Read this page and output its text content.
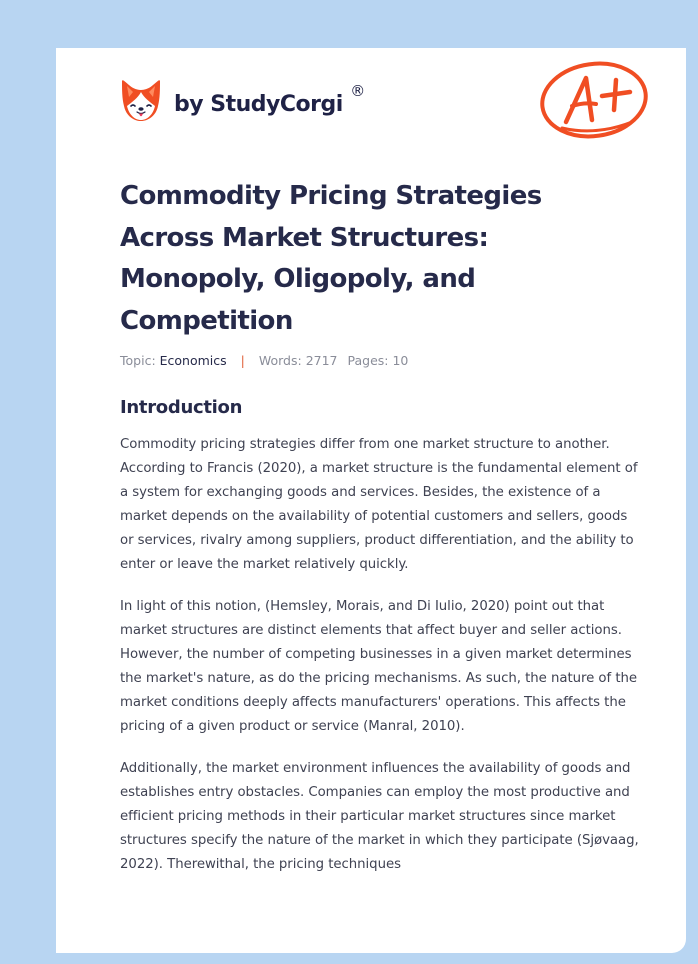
by StudyCorgi
®
Commodity Pricing Strategies Across Market Structures: Monopoly, Oligopoly, and Competition
Topic: Economics | Words: 2717 Pages: 10
Introduction

Commodity pricing strategies differ from one market structure to another. According to Francis (2020), a market structure is the fundamental element of a system for exchanging goods and services. Besides, the existence of a market depends on the availability of potential customers and sellers, goods or services, rivalry among suppliers, product differentiation, and the ability to enter or leave the market relatively quickly.

In light of this notion, (Hemsley, Morais, and Di Iulio, 2020) point out that market structures are distinct elements that affect buyer and seller actions. However, the number of competing businesses in a given market determines the market's nature, as do the pricing mechanisms. As such, the nature of the market conditions deeply affects manufacturers' operations. This affects the pricing of a given product or service (Manral, 2010).

Additionally, the market environment influences the availability of goods and establishes entry obstacles. Companies can employ the most productive and efficient pricing methods in their particular market structures since market structures specify the nature of the market in which they participate (Sjøvaag, 2022). Therewithal, the pricing techniques
